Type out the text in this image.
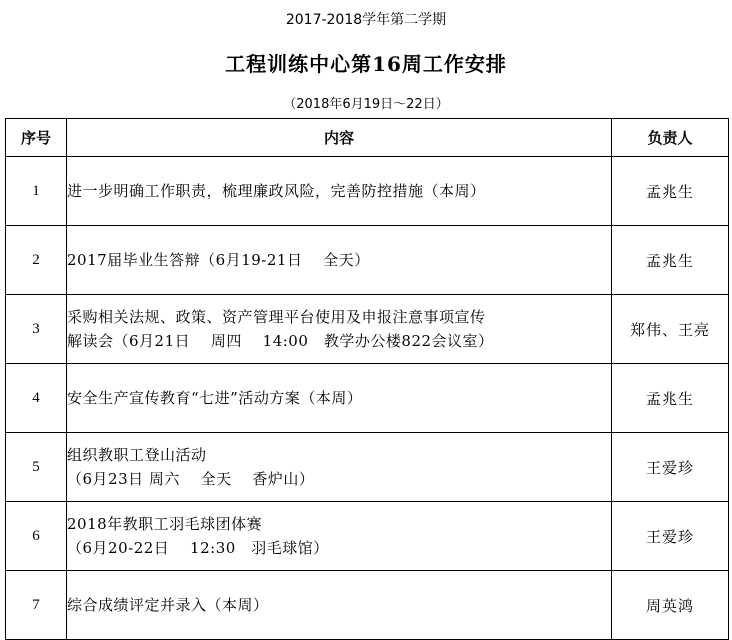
2017-2018学年第二学期
工程训练中心第16周工作安排
（2018年6月19日～22日）
序号	内容	负责人
1	进一步明确工作职责，梳理廉政风险，完善防控措施（本周）	孟兆生
2	2017届毕业生答辩（6月19-21日　 全天）	孟兆生
3	采购相关法规、政策、资产管理平台使用及申报注意事项宣传
解读会（6月21日　 周四　 14:00　教学办公楼822会议室）	郑伟、王亮
4	安全生产宣传教育“七进”活动方案（本周）	孟兆生
5	组织教职工登山活动
（6月23日 周六　 全天　 香炉山）	王爱珍
6	2018年教职工羽毛球团体赛
（6月20-22日　 12:30　羽毛球馆）	王爱珍
7	综合成绩评定并录入（本周）	周英鸿
